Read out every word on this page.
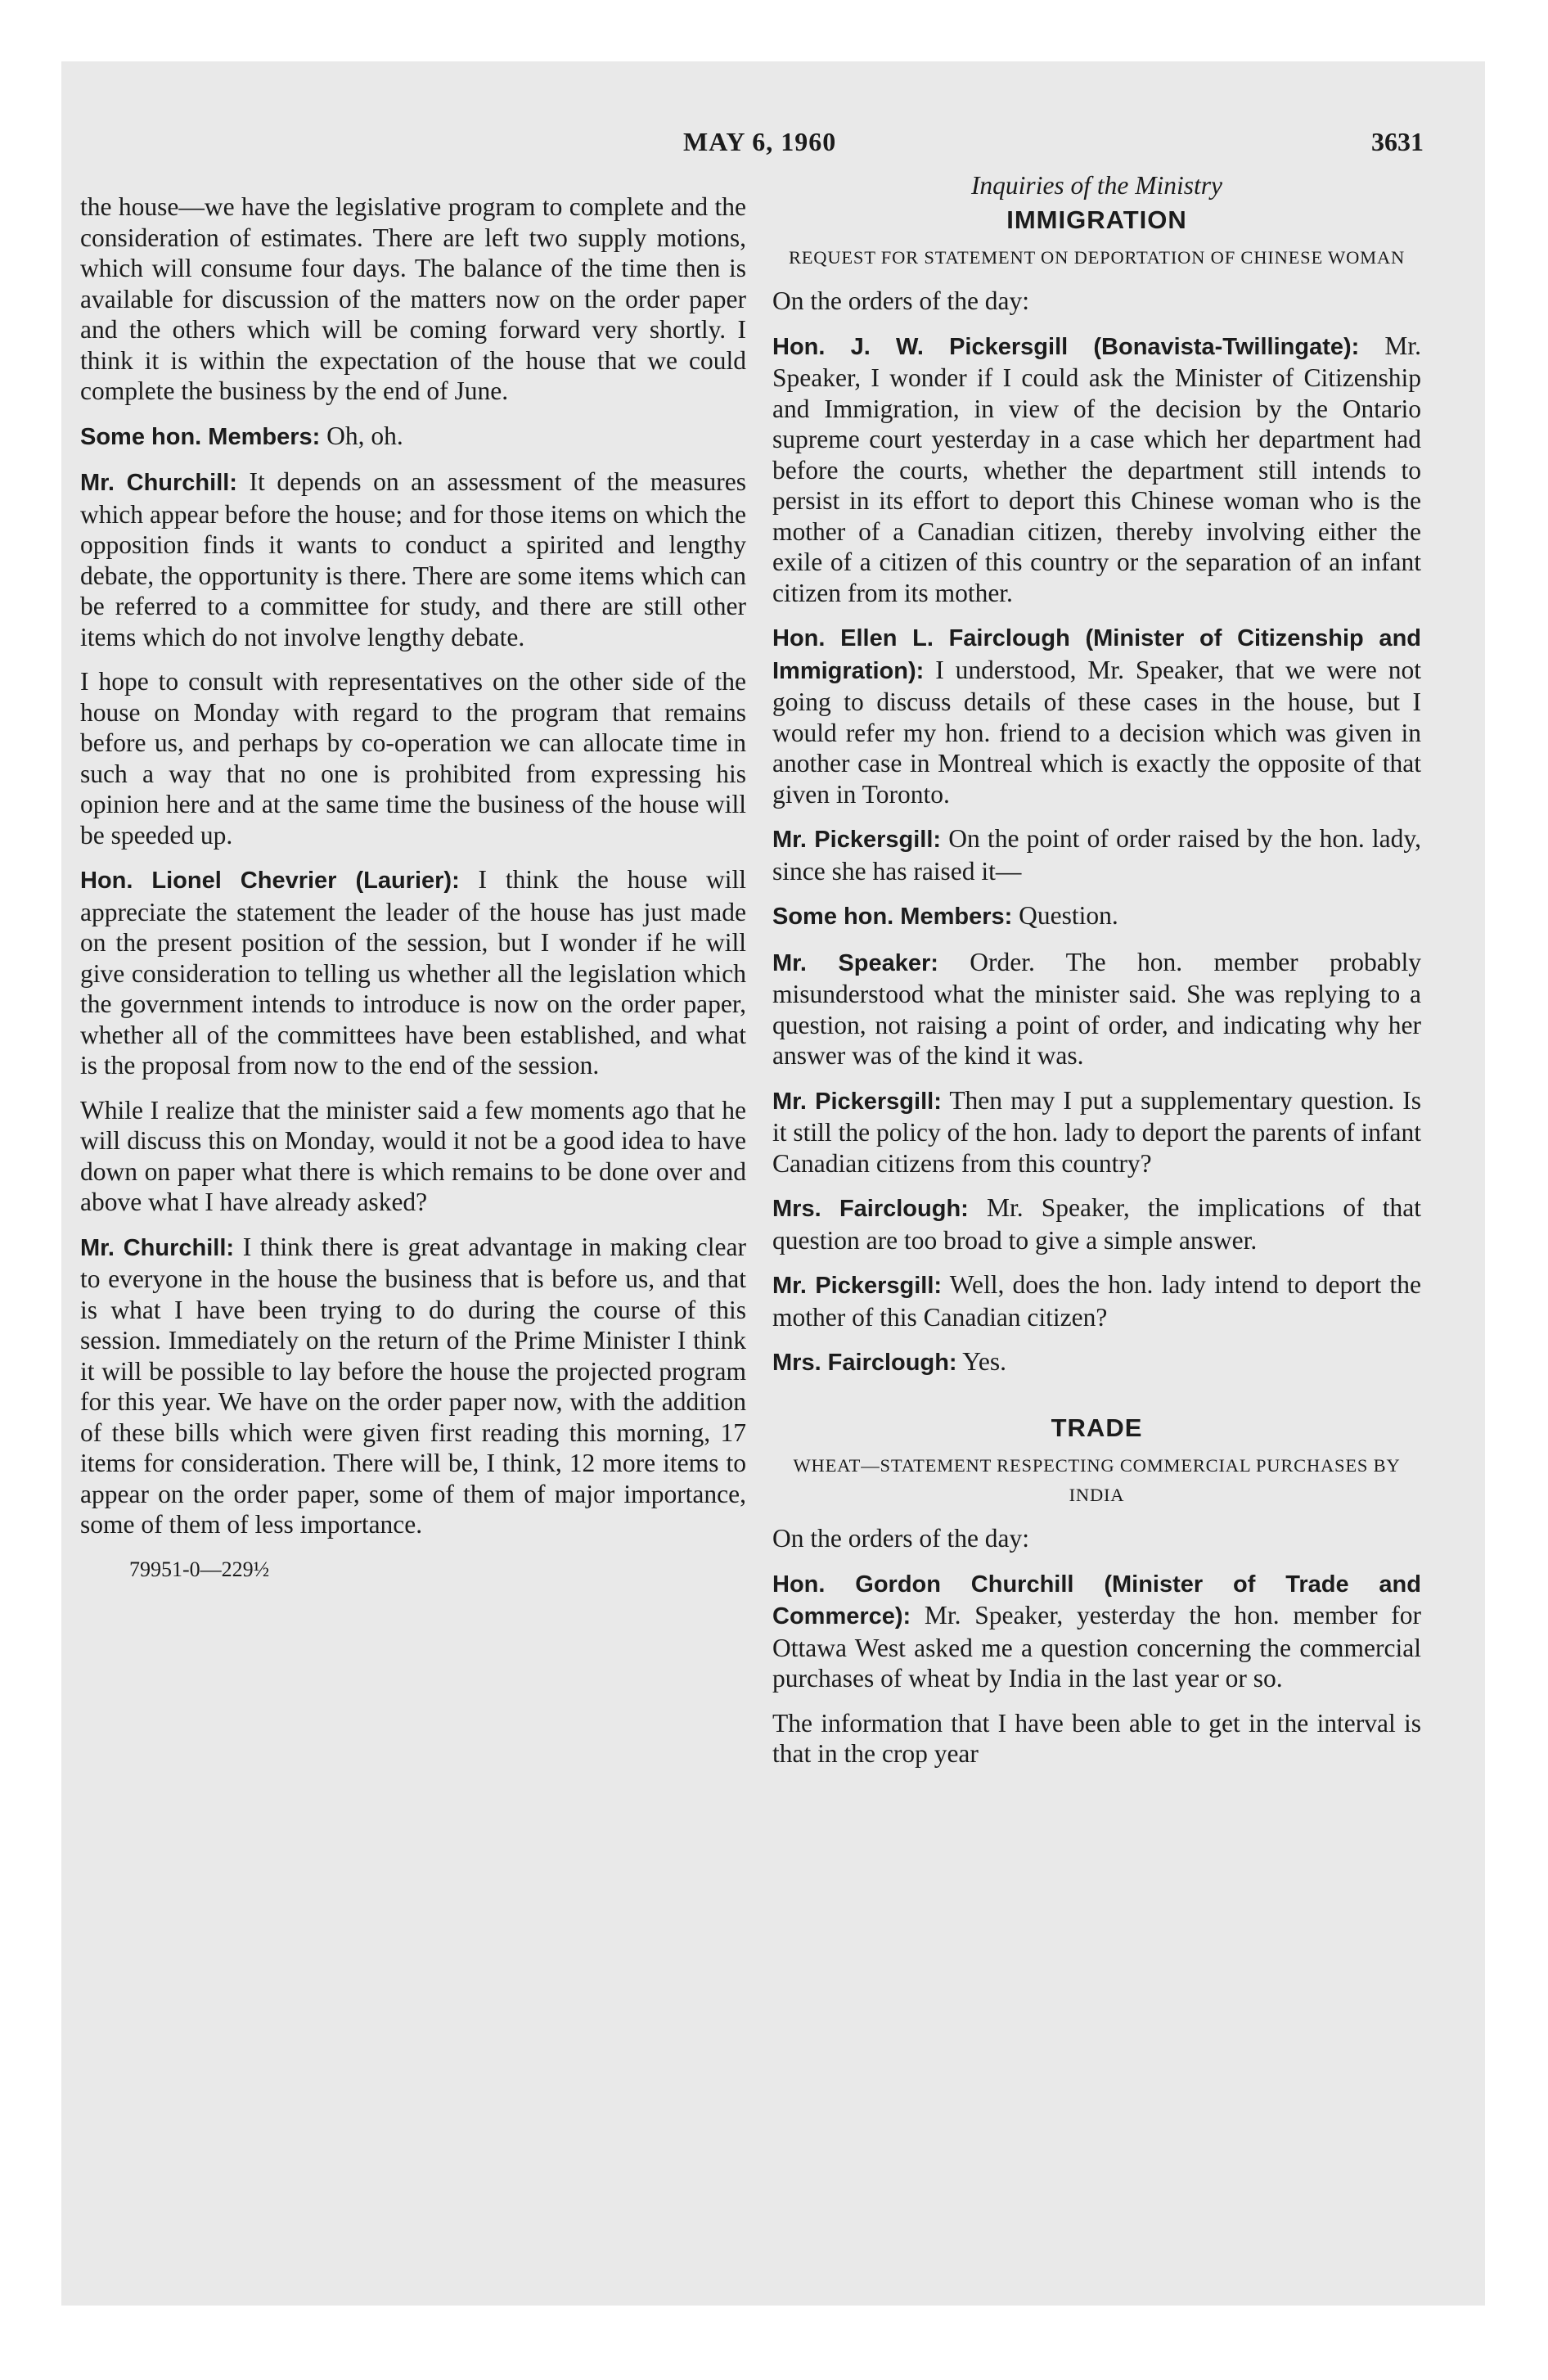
MAY 6, 1960	3631

the house—we have the legislative program to complete and the consideration of estimates. There are left two supply motions, which will consume four days. The balance of the time then is available for discussion of the matters now on the order paper and the others which will be coming forward very shortly. I think it is within the expectation of the house that we could complete the business by the end of June.

Some hon. Members: Oh, oh.

Mr. Churchill: It depends on an assessment of the measures which appear before the house; and for those items on which the opposition finds it wants to conduct a spirited and lengthy debate, the opportunity is there. There are some items which can be referred to a committee for study, and there are still other items which do not involve lengthy debate.

I hope to consult with representatives on the other side of the house on Monday with regard to the program that remains before us, and perhaps by co-operation we can allocate time in such a way that no one is prohibited from expressing his opinion here and at the same time the business of the house will be speeded up.

Hon. Lionel Chevrier (Laurier): I think the house will appreciate the statement the leader of the house has just made on the present position of the session, but I wonder if he will give consideration to telling us whether all the legislation which the government intends to introduce is now on the order paper, whether all of the committees have been established, and what is the proposal from now to the end of the session.

While I realize that the minister said a few moments ago that he will discuss this on Monday, would it not be a good idea to have down on paper what there is which remains to be done over and above what I have already asked?

Mr. Churchill: I think there is great advantage in making clear to everyone in the house the business that is before us, and that is what I have been trying to do during the course of this session. Immediately on the return of the Prime Minister I think it will be possible to lay before the house the projected program for this year. We have on the order paper now, with the addition of these bills which were given first reading this morning, 17 items for consideration. There will be, I think, 12 more items to appear on the order paper, some of them of major importance, some of them of less importance.

79951-0—229½
Inquiries of the Ministry
IMMIGRATION
REQUEST FOR STATEMENT ON DEPORTATION OF CHINESE WOMAN

On the orders of the day:

Hon. J. W. Pickersgill (Bonavista-Twillingate): Mr. Speaker, I wonder if I could ask the Minister of Citizenship and Immigration, in view of the decision by the Ontario supreme court yesterday in a case which her department had before the courts, whether the department still intends to persist in its effort to deport this Chinese woman who is the mother of a Canadian citizen, thereby involving either the exile of a citizen of this country or the separation of an infant citizen from its mother.

Hon. Ellen L. Fairclough (Minister of Citizenship and Immigration): I understood, Mr. Speaker, that we were not going to discuss details of these cases in the house, but I would refer my hon. friend to a decision which was given in another case in Montreal which is exactly the opposite of that given in Toronto.

Mr. Pickersgill: On the point of order raised by the hon. lady, since she has raised it—

Some hon. Members: Question.

Mr. Speaker: Order. The hon. member probably misunderstood what the minister said. She was replying to a question, not raising a point of order, and indicating why her answer was of the kind it was.

Mr. Pickersgill: Then may I put a supplementary question. Is it still the policy of the hon. lady to deport the parents of infant Canadian citizens from this country?

Mrs. Fairclough: Mr. Speaker, the implications of that question are too broad to give a simple answer.

Mr. Pickersgill: Well, does the hon. lady intend to deport the mother of this Canadian citizen?

Mrs. Fairclough: Yes.

TRADE
WHEAT—STATEMENT RESPECTING COMMERCIAL PURCHASES BY INDIA

On the orders of the day:

Hon. Gordon Churchill (Minister of Trade and Commerce): Mr. Speaker, yesterday the hon. member for Ottawa West asked me a question concerning the commercial purchases of wheat by India in the last year or so.

The information that I have been able to get in the interval is that in the crop year
